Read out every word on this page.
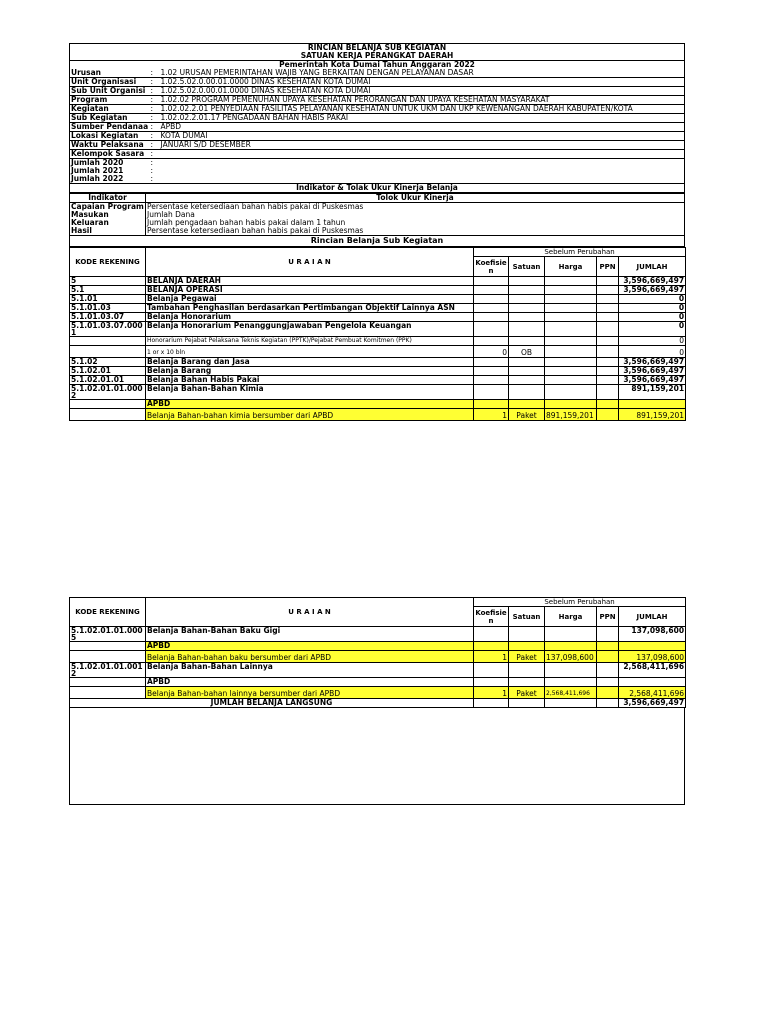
RINCIAN BELANJA SUB KEGIATAN		
SATUAN KERJA PERANGKAT DAERAH		
Pemerintah Kota Dumai Tahun Anggaran 2022		
Urusan	:	1.02 URUSAN PEMERINTAHAN WAJIB YANG BERKAITAN DENGAN PELAYANAN DASAR
Unit Organisasi	:	1.02.5.02.0.00.01.0000 DINAS KESEHATAN KOTA DUMAI
Sub Unit Organisi	:	1.02.5.02.0.00.01.0000 DINAS KESEHATAN KOTA DUMAI
Program	:	1.02.02 PROGRAM PEMENUHAN UPAYA KESEHATAN PERORANGAN DAN UPAYA KESEHATAN MASYARAKAT
Kegiatan	:	1.02.02.2.01 PENYEDIAAN FASILITAS PELAYANAN KESEHATAN UNTUK UKM DAN UKP KEWENANGAN DAERAH KABUPATEN/KOTA
Sub Kegiatan	:	1.02.02.2.01.17 PENGADAAN BAHAN HABIS PAKAI
Sumber Pendanaa	:	APBD
Lokasi Kegiatan	:	KOTA DUMAI
Waktu Pelaksana	:	JANUARI S/D DESEMBER
Kelompok Sasara	:	
Jumlah 2020	:	
Jumlah 2021	:	
Jumlah 2022	:	
Indikator & Tolak Ukur Kinerja Belanja		
Indikator	Tolok Ukur Kinerja
Capaian Program	Persentase ketersediaan bahan habis pakai di Puskesmas
Masukan	Jumlah Dana
Keluaran	Jumlah pengadaan bahan habis pakai dalam 1 tahun
Hasil	Persentase ketersediaan bahan habis pakai di Puskesmas
Rincian Belanja Sub Kegiatan
KODE REKENING	U R A I A N	Sebelum Perubahan				
		Koefisie n	Satuan	Harga	PPN	JUMLAH
5	BELANJA DAERAH					3,596,669,497
5.1	BELANJA OPERASI					3,596,669,497
5.1.01	Belanja Pegawai					0
5.1.01.03	Tambahan Penghasilan berdasarkan Pertimbangan Objektif Lainnya ASN					0
5.1.01.03.07	Belanja Honorarium					0
5.1.01.03.07.000 1	Belanja Honorarium Penanggungjawaban Pengelola Keuangan					0
	Honorarium Pejabat Pelaksana Teknis Kegiatan (PPTK)/Pejabat Pembuat Komitmen (PPK)					0
	1 or x 10 bln	0	OB			0
5.1.02	Belanja Barang dan Jasa					3,596,669,497
5.1.02.01	Belanja Barang					3,596,669,497
5.1.02.01.01	Belanja Bahan Habis Pakai					3,596,669,497
5.1.02.01.01.000 2	Belanja Bahan-Bahan Kimia					891,159,201
	APBD					
	Belanja Bahan-bahan kimia bersumber dari APBD	1	Paket	891,159,201		891,159,201
KODE REKENING	U R A I A N	Sebelum Perubahan				
		Koefisie n	Satuan	Harga	PPN	JUMLAH
5.1.02.01.01.000 5	Belanja Bahan-Bahan Baku Gigi					137,098,600
	APBD					
	Belanja Bahan-bahan baku bersumber dari APBD	1	Paket	137,098,600		137,098,600
5.1.02.01.01.001 2	Belanja Bahan-Bahan Lainnya					2,568,411,696
	APBD					
	Belanja Bahan-bahan lainnya bersumber dari APBD	1	Paket	2,568,411,696		2,568,411,696
JUMLAH BELANJA LANGSUNG						3,596,669,497
